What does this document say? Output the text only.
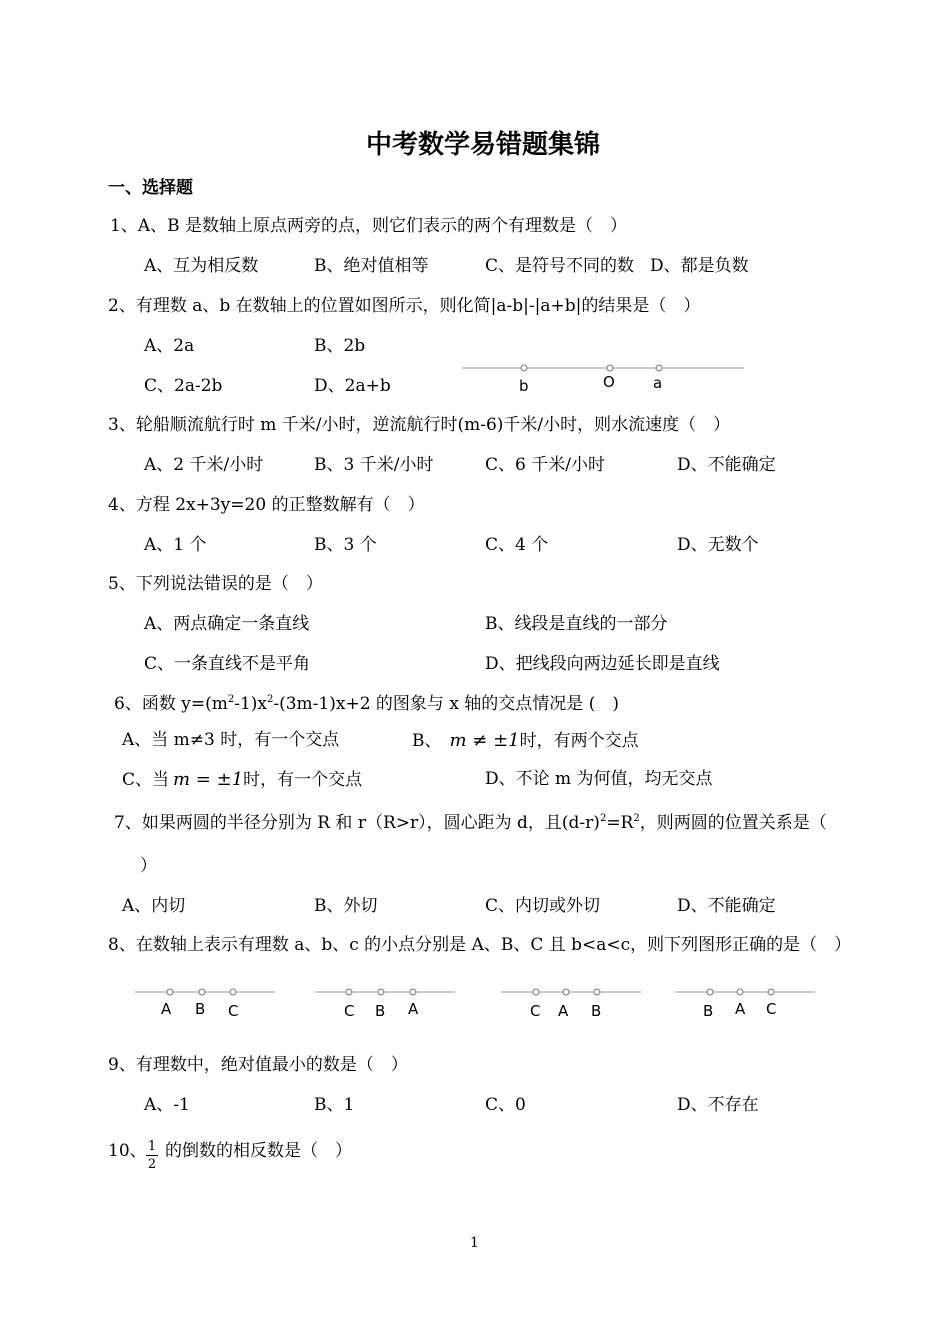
中考数学易错题集锦
一、选择题
1、A、B 是数轴上原点两旁的点，则它们表示的两个有理数是（　）
A、互为相反数	B、绝对值相等	C、是符号不同的数 D、都是负数
2、有理数 a、b 在数轴上的位置如图所示，则化简|a-b|-|a+b|的结果是（　）
A、2a	B、2b
C、2a-2b	D、2a+b	b	O	a
3、轮船顺流航行时 m 千米/小时，逆流航行时(m-6)千米/小时，则水流速度（　）
A、2 千米/小时	B、3 千米/小时	C、6 千米/小时	D、不能确定
4、方程 2x+3y=20 的正整数解有（　）
A、1 个	B、3 个	C、4 个	D、无数个
5、下列说法错误的是（　）
A、两点确定一条直线	B、线段是直线的一部分
C、一条直线不是平角	D、把线段向两边延长即是直线
6、函数 $y=(m^2-1)x^2-(3m-1)x+2$ 的图象与 x 轴的交点情况是 (　)
A、当 m≠3 时，有一个交点	B、 m ≠ ±1时，有两个交点
C、当 m = ±1时，有一个交点	D、不论 m 为何值，均无交点
7、如果两圆的半径分别为 R 和 r（R>r），圆心距为 d，且$(d-r)^2=R^2$，则两圆的位置关系是（
）
A、内切	B、外切	C、内切或外切	D、不能确定
8、在数轴上表示有理数 a、b、c 的小点分别是 A、B、C 且 b<a<c，则下列图形正确的是（　）
A B C	C B A	C A B	B A C
9、有理数中，绝对值最小的数是（　）
A、-1	B、1	C、0	D、不存在
10、 1
2
的倒数的相反数是（　）
1
